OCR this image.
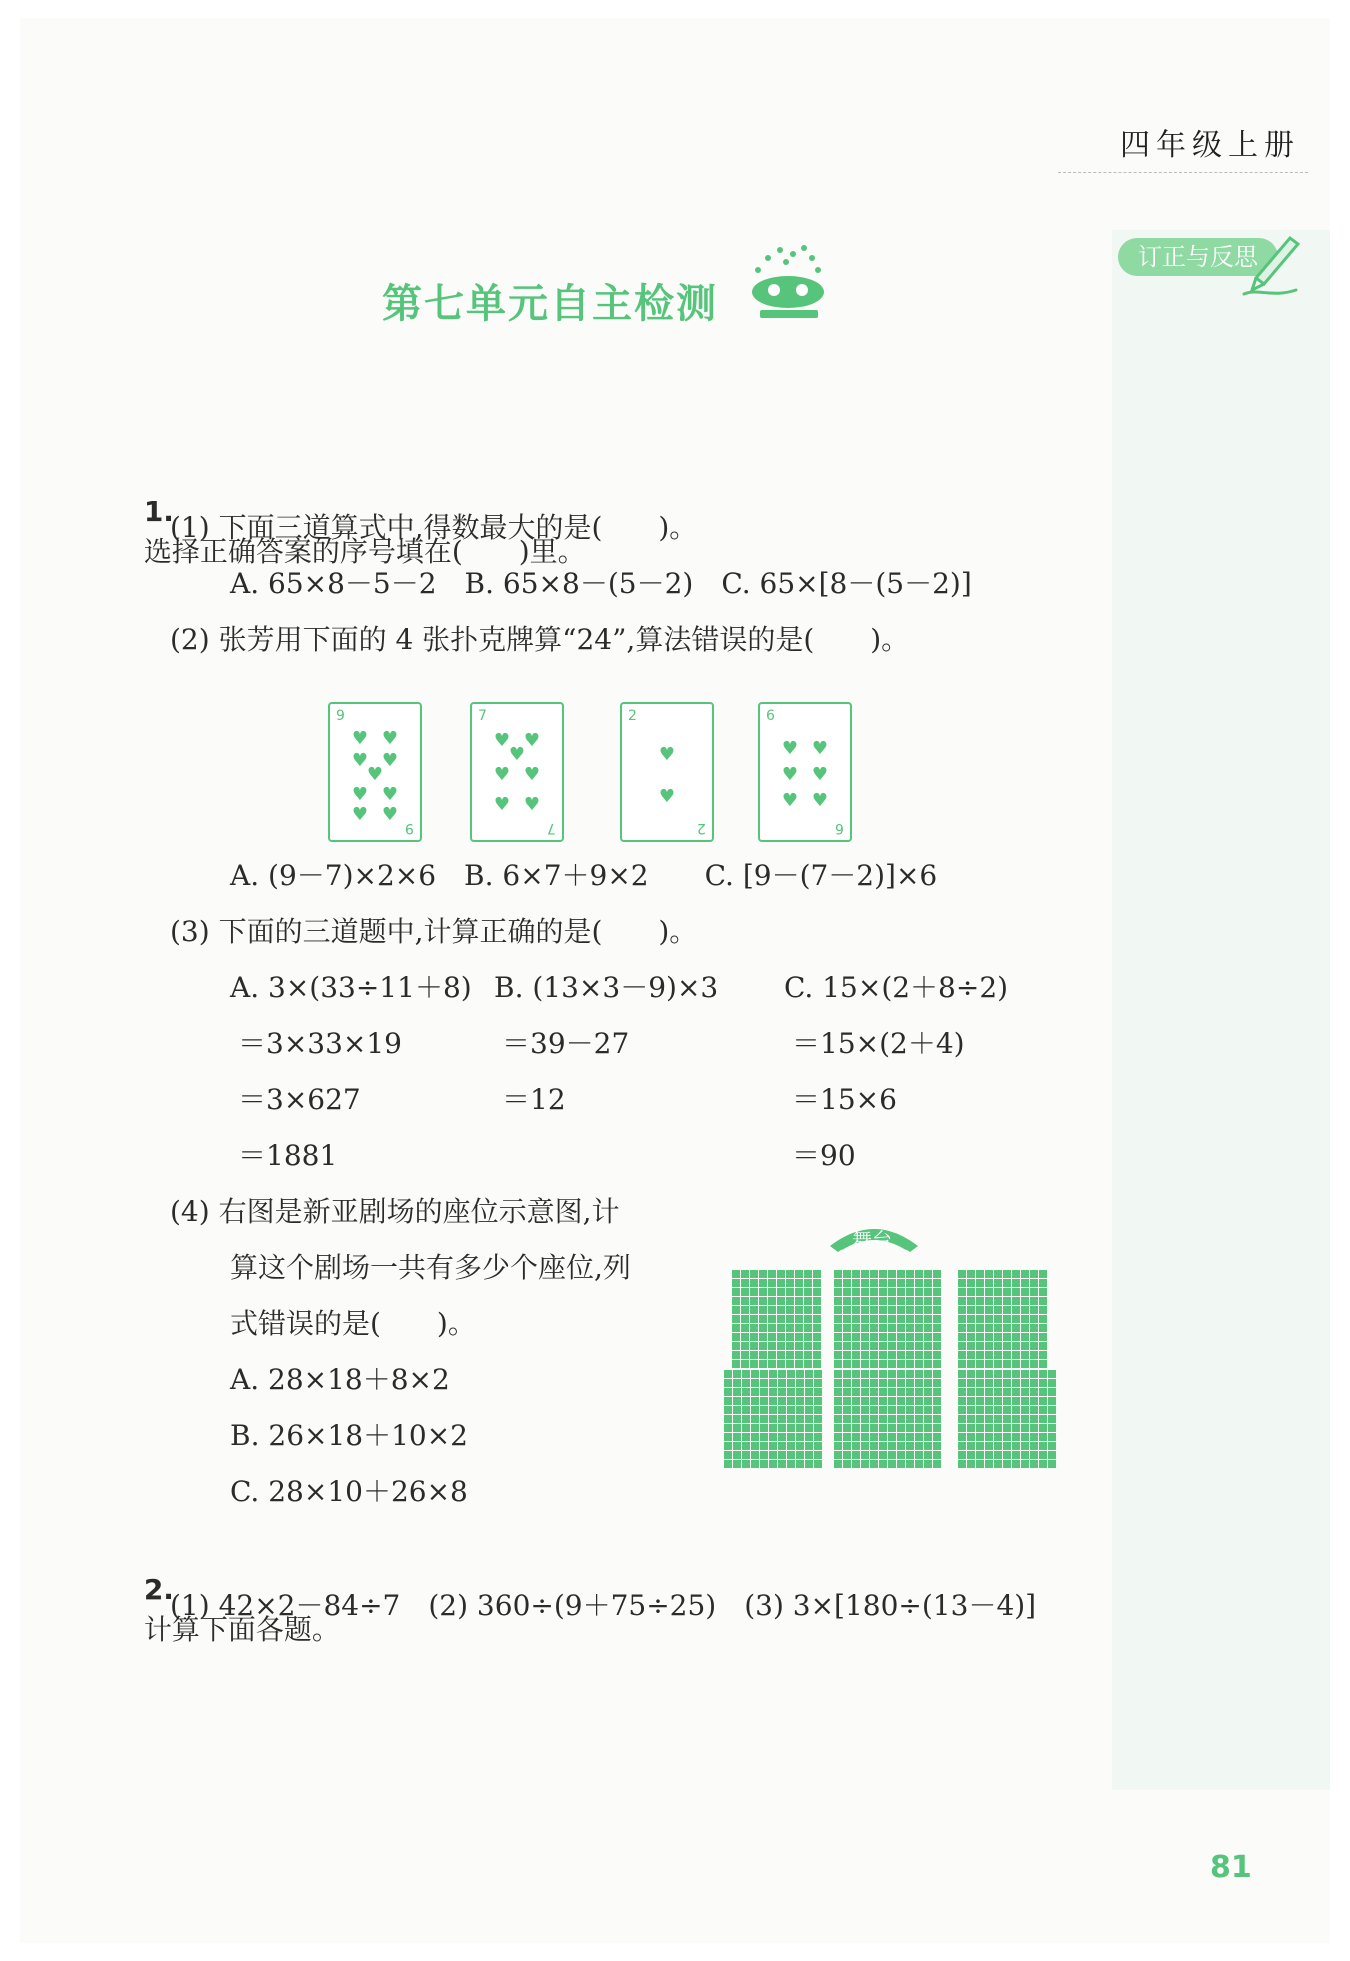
四年级上册
订正与反思
第七单元自主检测

1.
选择正确答案的序号填在(　　)里。

(1) 下面三道算式中,得数最大的是(　　)。
A. 65×8－5－2　B. 65×8－(5－2)　C. 65×[8－(5－2)]
(2) 张芳用下面的 4 张扑克牌算“24”,算法错误的是(　　)。
9
9
♥ ♥
♥ ♥
♥
♥ ♥
♥ ♥
7
7
♥ ♥
♥
♥ ♥
♥ ♥
2
2
♥
♥
6
6
♥ ♥
♥ ♥
♥ ♥
A. (9－7)×2×6　B. 6×7＋9×2　　C. [9－(7－2)]×6
(3) 下面的三道题中,计算正确的是(　　)。
A. 3×(33÷11＋8)
＝3×33×19
＝3×627
＝1881
B. (13×3－9)×3
＝39－27
＝12
C. 15×(2＋8÷2)
＝15×(2＋4)
＝15×6
＝90
(4) 右图是新亚剧场的座位示意图,计
算这个剧场一共有多少个座位,列
式错误的是(　　)。
A. 28×18＋8×2
B. 26×18＋10×2
C. 28×10＋26×8
舞台

2.
计算下面各题。

(1) 42×2－84÷7　(2) 360÷(9＋75÷25)　(3) 3×[180÷(13－4)]
81
